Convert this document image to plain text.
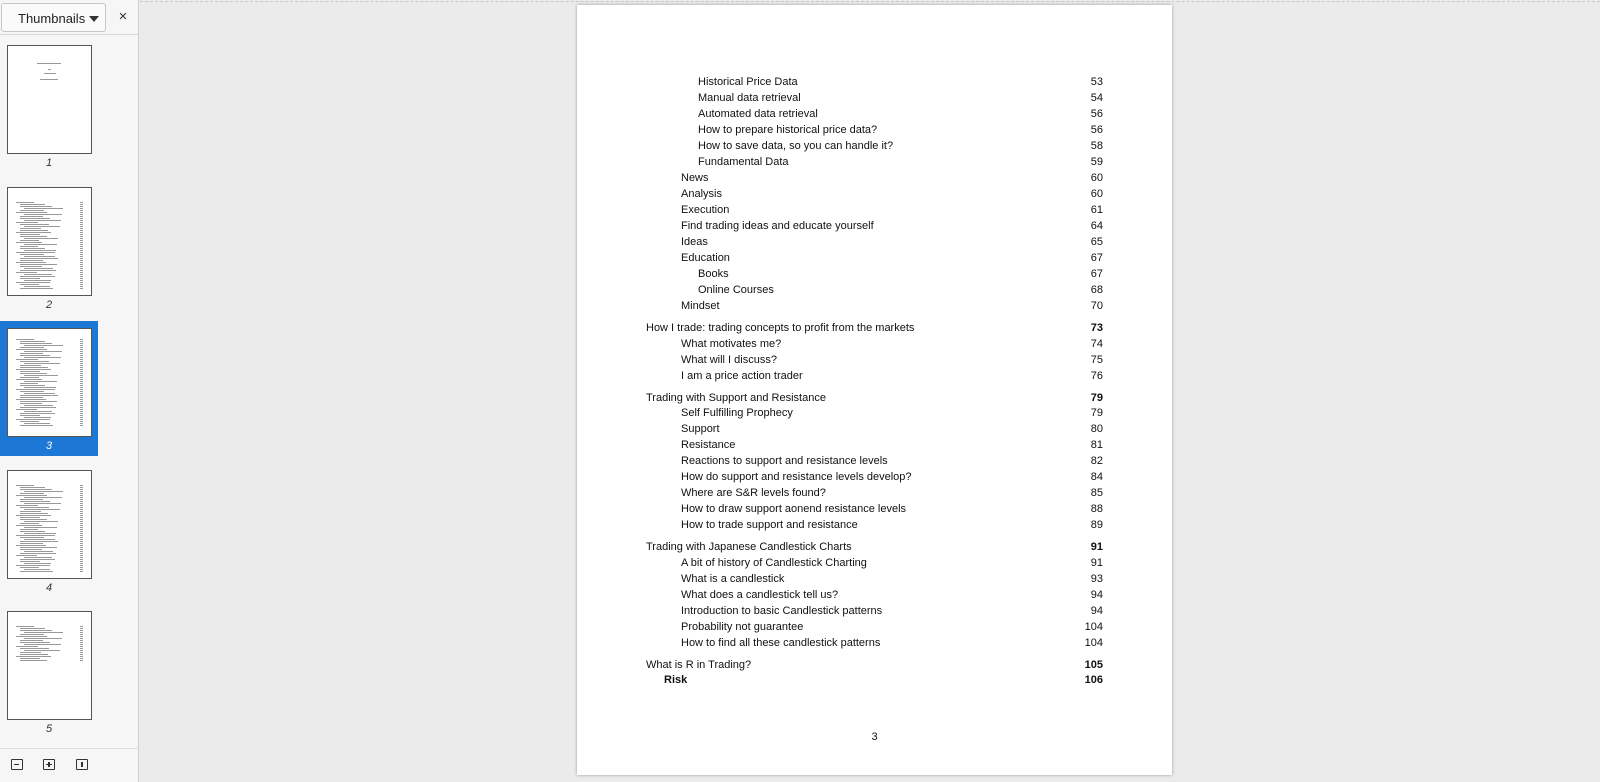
Thumbnails	×
1
2
3
4
5
Historical Price Data	53
Manual data retrieval	54
Automated data retrieval	56
How to prepare historical price data?	56
How to save data, so you can handle it?	58
Fundamental Data	59
News	60
Analysis	60
Execution	61
Find trading ideas and educate yourself	64
Ideas	65
Education	67
Books	67
Online Courses	68
Mindset	70
How I trade: trading concepts to profit from the markets	73
What motivates me?	74
What will I discuss?	75
I am a price action trader	76
Trading with Support and Resistance	79
Self Fulfilling Prophecy	79
Support	80
Resistance	81
Reactions to support and resistance levels	82
How do support and resistance levels develop?	84
Where are S&R levels found?	85
How to draw support aonend resistance levels	88
How to trade support and resistance	89
Trading with Japanese Candlestick Charts	91
A bit of history of Candlestick Charting	91
What is a candlestick	93
What does a candlestick tell us?	94
Introduction to basic Candlestick patterns	94
Probability not guarantee	104
How to find all these candlestick patterns	104
What is R in Trading?	105
Risk	106
3
